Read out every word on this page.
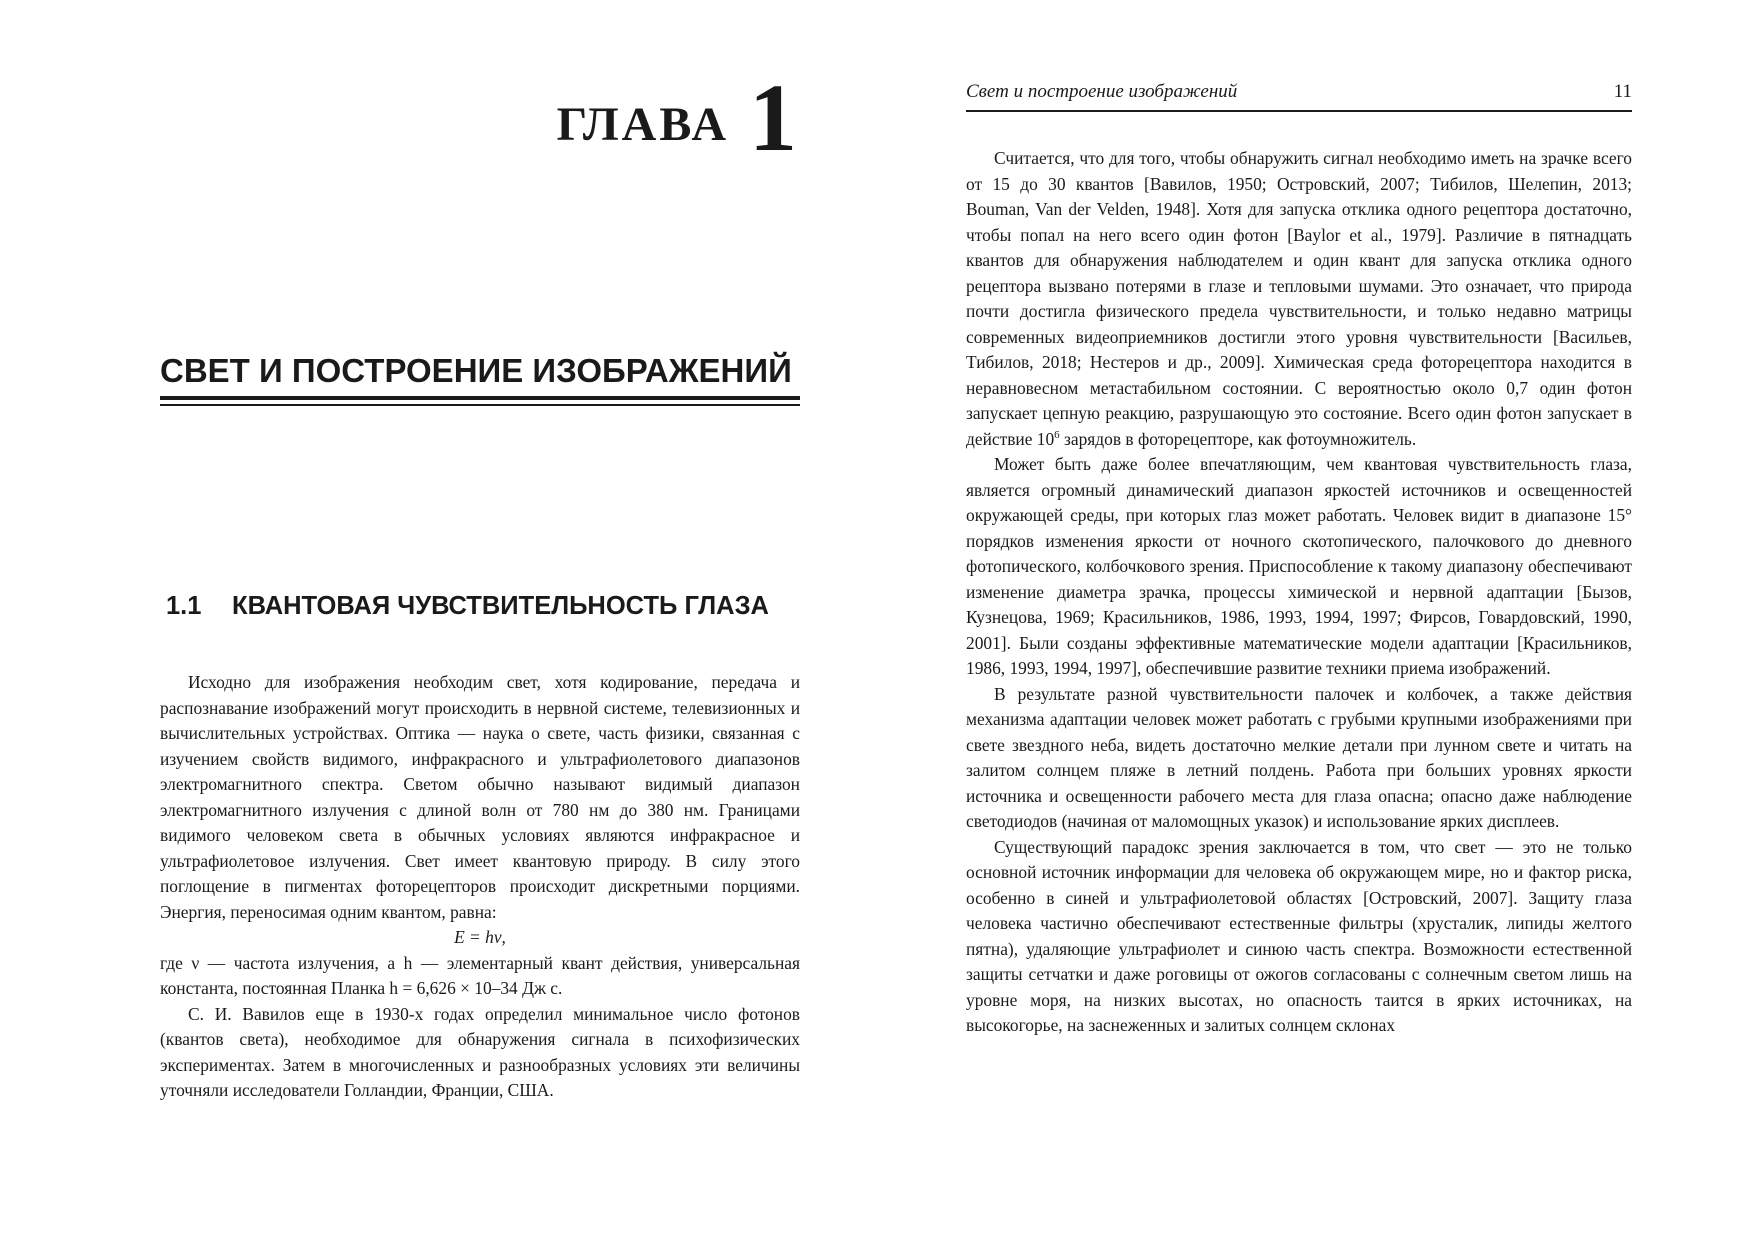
ГЛАВА 1
СВЕТ И ПОСТРОЕНИЕ ИЗОБРАЖЕНИЙ
1.1 КВАНТОВАЯ ЧУВСТВИТЕЛЬНОСТЬ ГЛАЗА

Исходно для изображения необходим свет, хотя кодирование, передача и распознавание изображений могут происходить в нервной системе, телевизионных и вычислительных устройствах. Оптика — наука о свете, часть физики, связанная с изучением свойств видимого, инфракрасного и ультрафиолетового диапазонов электромагнитного спектра. Светом обычно называют видимый диапазон электромагнитного излучения с длиной волн от 780 нм до 380 нм. Границами видимого человеком света в обычных условиях являются инфракрасное и ультрафиолетовое излучения. Свет имеет квантовую природу. В силу этого поглощение в пигментах фоторецепторов происходит дискретными порциями. Энергия, переносимая одним квантом, равна:

E = hν,

где ν — частота излучения, а h — элементарный квант действия, универсальная константа, постоянная Планка h = 6,626 × 10–34 Дж с.

С. И. Вавилов еще в 1930-х годах определил минимальное число фотонов (квантов света), необходимое для обнаружения сигнала в психофизических экспериментах. Затем в многочисленных и разнообразных условиях эти величины уточняли исследователи Голландии, Франции, США.

Свет и построение изображений	11

Считается, что для того, чтобы обнаружить сигнал необходимо иметь на зрачке всего от 15 до 30 квантов [Вавилов, 1950; Островский, 2007; Тибилов, Шелепин, 2013; Bouman, Van der Velden, 1948]. Хотя для запуска отклика одного рецептора достаточно, чтобы попал на него всего один фотон [Baylor et al., 1979]. Различие в пятнадцать квантов для обнаружения наблюдателем и один квант для запуска отклика одного рецептора вызвано потерями в глазе и тепловыми шумами. Это означает, что природа почти достигла физического предела чувствительности, и только недавно матрицы современных видеоприемников достигли этого уровня чувствительности [Васильев, Тибилов, 2018; Нестеров и др., 2009]. Химическая среда фоторецептора находится в неравновесном метастабильном состоянии. С вероятностью около 0,7 один фотон запускает цепную реакцию, разрушающую это состояние. Всего один фотон запускает в действие $10^6$ зарядов в фоторецепторе, как фотоумножитель.

Может быть даже более впечатляющим, чем квантовая чувствительность глаза, является огромный динамический диапазон яркостей источников и освещенностей окружающей среды, при которых глаз может работать. Человек видит в диапазоне 15° порядков изменения яркости от ночного скотопического, палочкового до дневного фотопического, колбочкового зрения. Приспособление к такому диапазону обеспечивают изменение диаметра зрачка, процессы химической и нервной адаптации [Бызов, Кузнецова, 1969; Красильников, 1986, 1993, 1994, 1997; Фирсов, Говардовский, 1990, 2001]. Были созданы эффективные математические модели адаптации [Красильников, 1986, 1993, 1994, 1997], обеспечившие развитие техники приема изображений.

В результате разной чувствительности палочек и колбочек, а также действия механизма адаптации человек может работать с грубыми крупными изображениями при свете звездного неба, видеть достаточно мелкие детали при лунном свете и читать на залитом солнцем пляже в летний полдень. Работа при больших уровнях яркости источника и освещенности рабочего места для глаза опасна; опасно даже наблюдение светодиодов (начиная от маломощных указок) и использование ярких дисплеев.

Существующий парадокс зрения заключается в том, что свет — это не только основной источник информации для человека об окружающем мире, но и фактор риска, особенно в синей и ультрафиолетовой областях [Островский, 2007]. Защиту глаза человека частично обеспечивают естественные фильтры (хрусталик, липиды желтого пятна), удаляющие ультрафиолет и синюю часть спектра. Возможности естественной защиты сетчатки и даже роговицы от ожогов согласованы с солнечным светом лишь на уровне моря, на низких высотах, но опасность таится в ярких источниках, на высокогорье, на заснеженных и залитых солнцем склонах
